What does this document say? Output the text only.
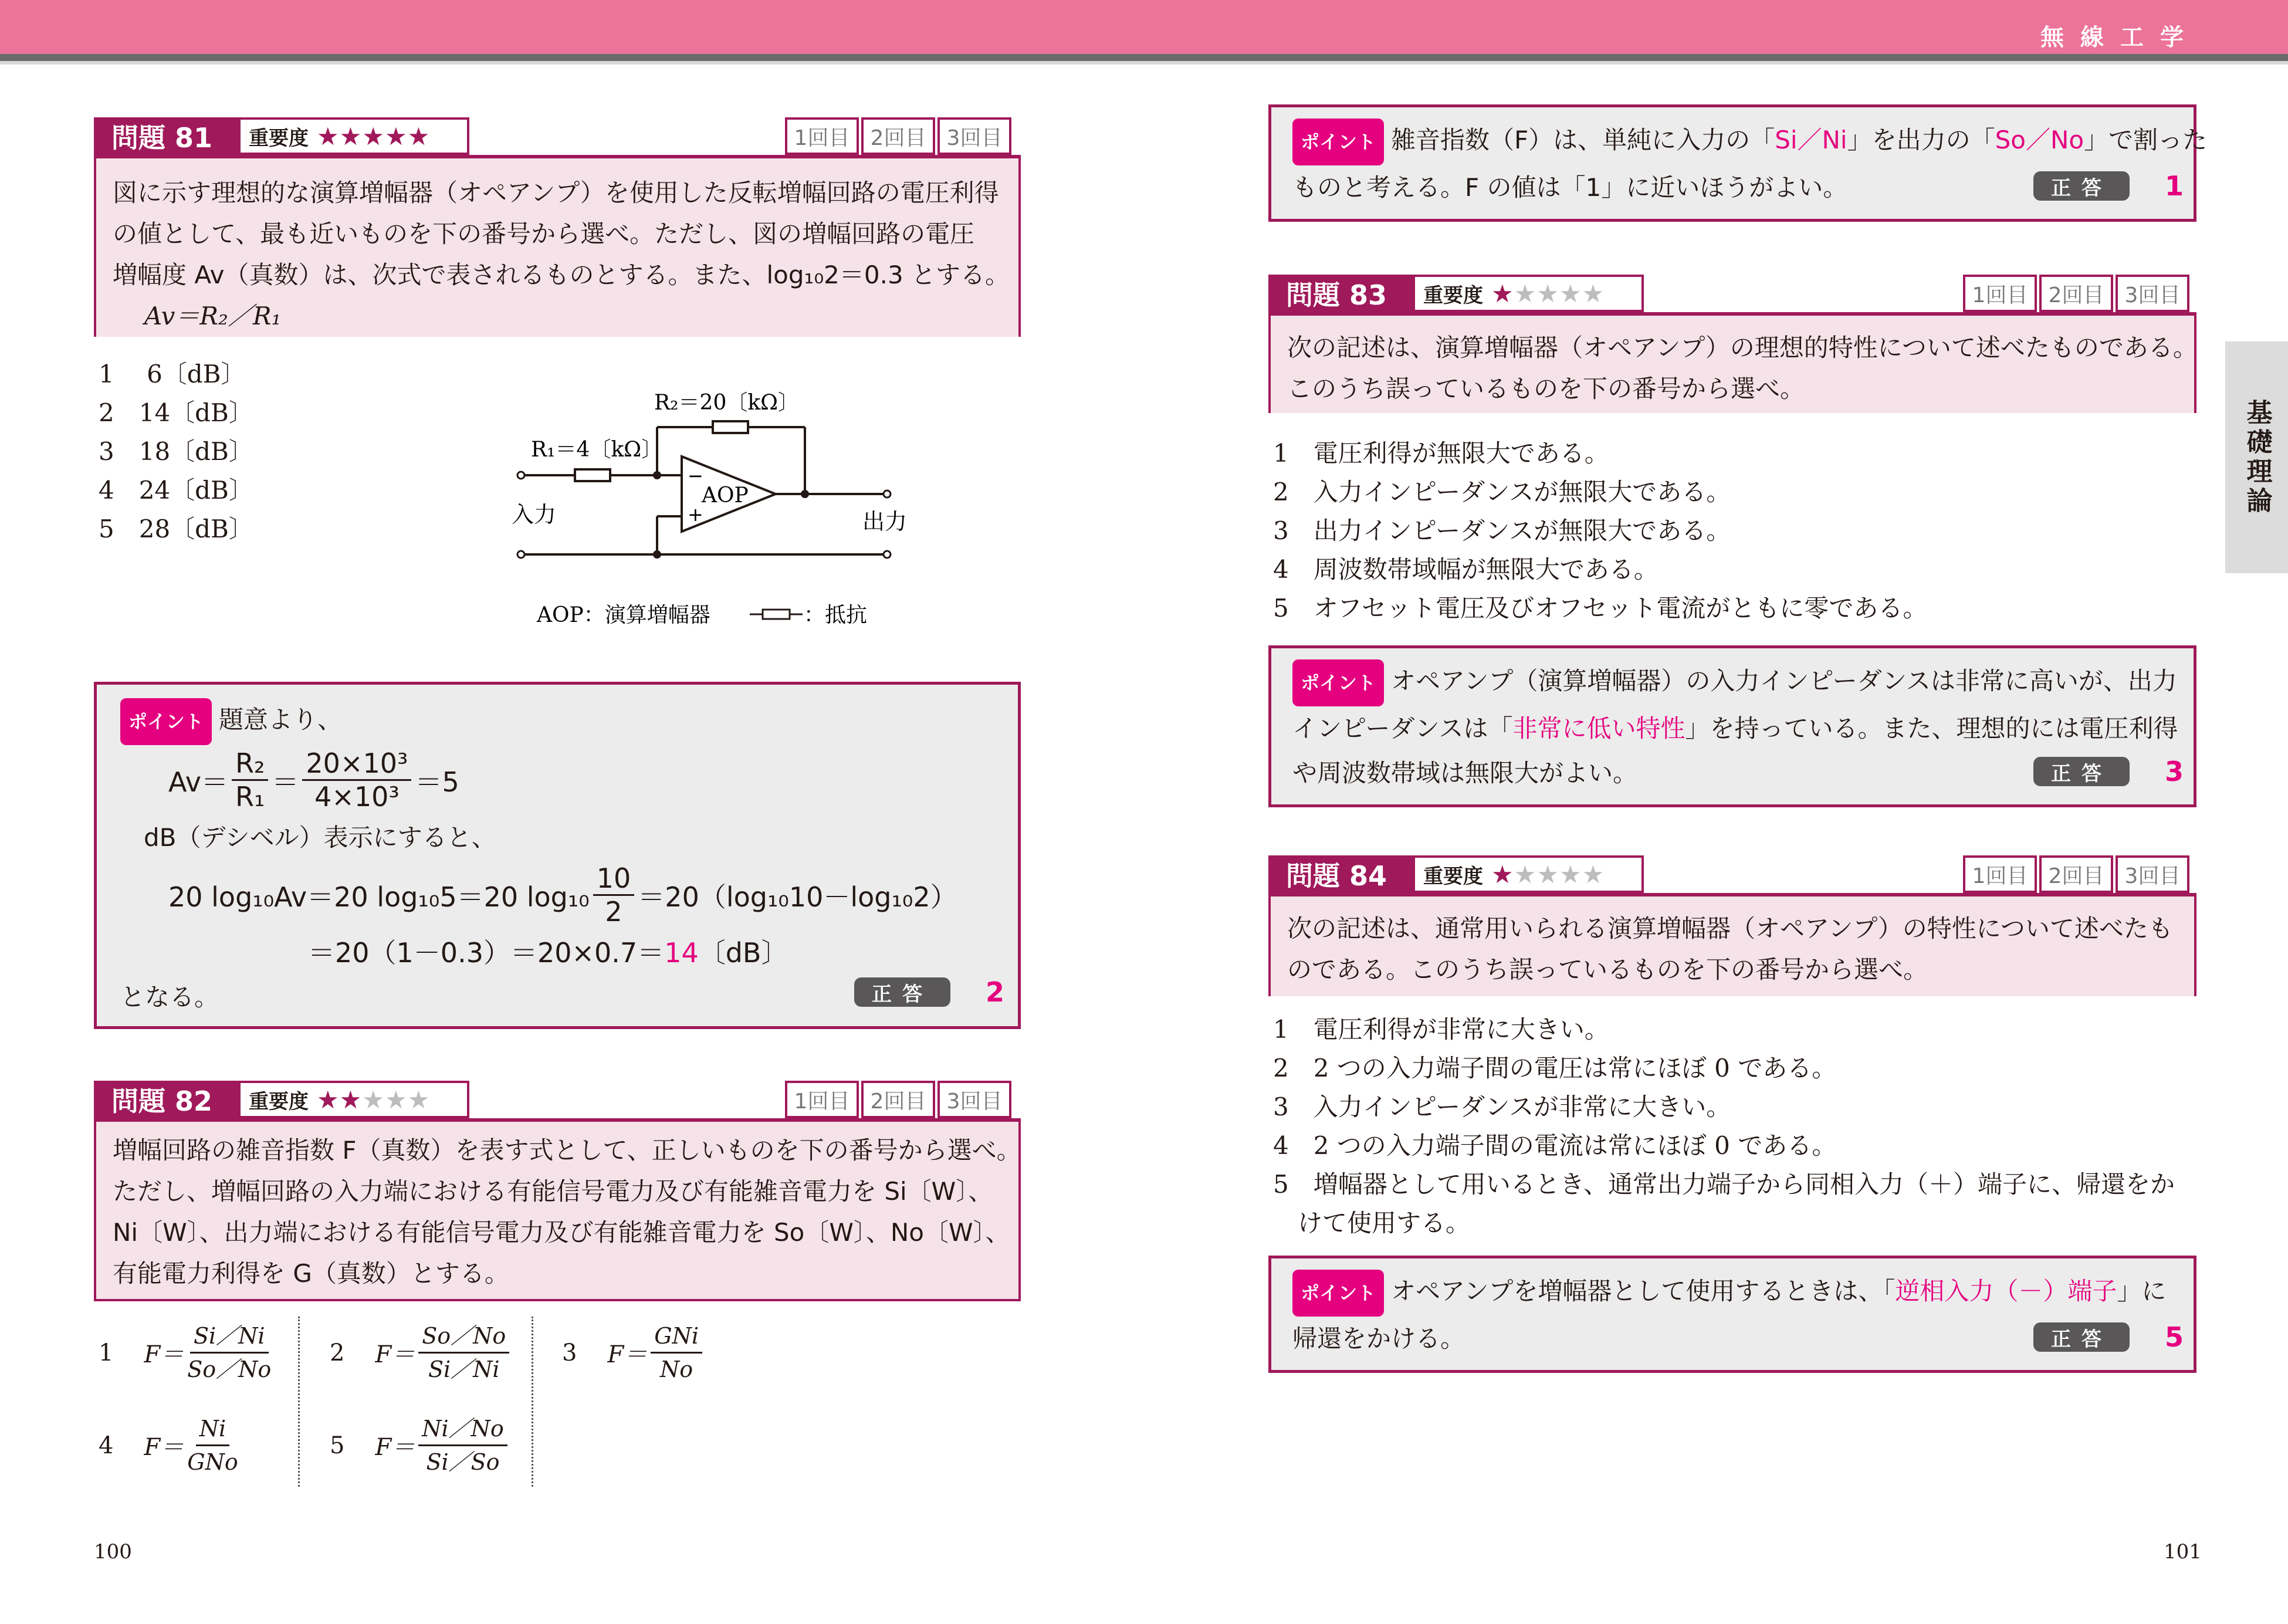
無線工学
基礎理論
問題 81	重要度 ★★★★★	1回目 2回目 3回目

図に示す理想的な演算増幅器（オペアンプ）を使用した反転増幅回路の電圧利得

の値として、最も近いものを下の番号から選べ。ただし、図の増幅回路の電圧

増幅度 Av（真数）は、次式で表されるものとする。また、log₁₀2＝0.3 とする。

Av＝R₂／R₁

1　 6〔dB〕
2　14〔dB〕
3　18〔dB〕
4　24〔dB〕
5　28〔dB〕
R₂＝20〔kΩ〕
R₁＝4〔kΩ〕
−
+
AOP
入力	出力
AOP：演算増幅器	：抵抗
ポイント 題意より、
$Av= \frac{\text{R₂}}{\text{R₁}} = \frac{\text{20×10³}}{\text{4×10³}} =5$
dB（デシベル）表示にすると、
20 log₁₀Av＝20 log₁₀5＝20 $\log_{10} \frac{10}{2} =20(\log_{10}10-\log_{10}2)$
＝20（1－0.3）＝20×0.7＝14〔dB〕
となる。	正答	2
問題 82	重要度 ★★★★★	1回目 2回目 3回目

増幅回路の雑音指数 F（真数）を表す式として、正しいものを下の番号から選べ。

ただし、増幅回路の入力端における有能信号電力及び有能雑音電力を Si〔W〕、

Ni〔W〕、出力端における有能信号電力及び有能雑音電力を So〔W〕、No〔W〕、

有能電力利得を G（真数）とする。

1 $F= \frac{Si/Ni}{So/No} 2$ $F= \frac{So/No}{Si/Ni} 3$ $F= \frac{\text{GNi}}{No}$
4 $F= \frac{Ni}{\text{GNo}}$	5 $F= \frac{Ni/No}{Si/So}$
100
ポイント 雑音指数（F）は、単純に入力の「Si／Ni」を出力の「So／No」で割った
ものと考える。F の値は「1」に近いほうがよい。	正答	1
問題 83	重要度 ★★★★★	1回目 2回目 3回目

次の記述は、演算増幅器（オペアンプ）の理想的特性について述べたものである。

このうち誤っているものを下の番号から選べ。

1　電圧利得が無限大である。
2　入力インピーダンスが無限大である。
3　出力インピーダンスが無限大である。
4　周波数帯域幅が無限大である。
5　オフセット電圧及びオフセット電流がともに零である。
ポイント オペアンプ（演算増幅器）の入力インピーダンスは非常に高いが、出力
インピーダンスは「非常に低い特性」を持っている。また、理想的には電圧利得
や周波数帯域は無限大がよい。	正答	3
問題 84	重要度 ★★★★★	1回目 2回目 3回目

次の記述は、通常用いられる演算増幅器（オペアンプ）の特性について述べたも

のである。このうち誤っているものを下の番号から選べ。

1　電圧利得が非常に大きい。
2　2 つの入力端子間の電圧は常にほぼ 0 である。
3　入力インピーダンスが非常に大きい。
4　2 つの入力端子間の電流は常にほぼ 0 である。
5　増幅器として用いるとき、通常出力端子から同相入力（＋）端子に、帰還をか
　けて使用する。
ポイント オペアンプを増幅器として使用するときは、「逆相入力（－）端子」に
帰還をかける。	正答	5
101
